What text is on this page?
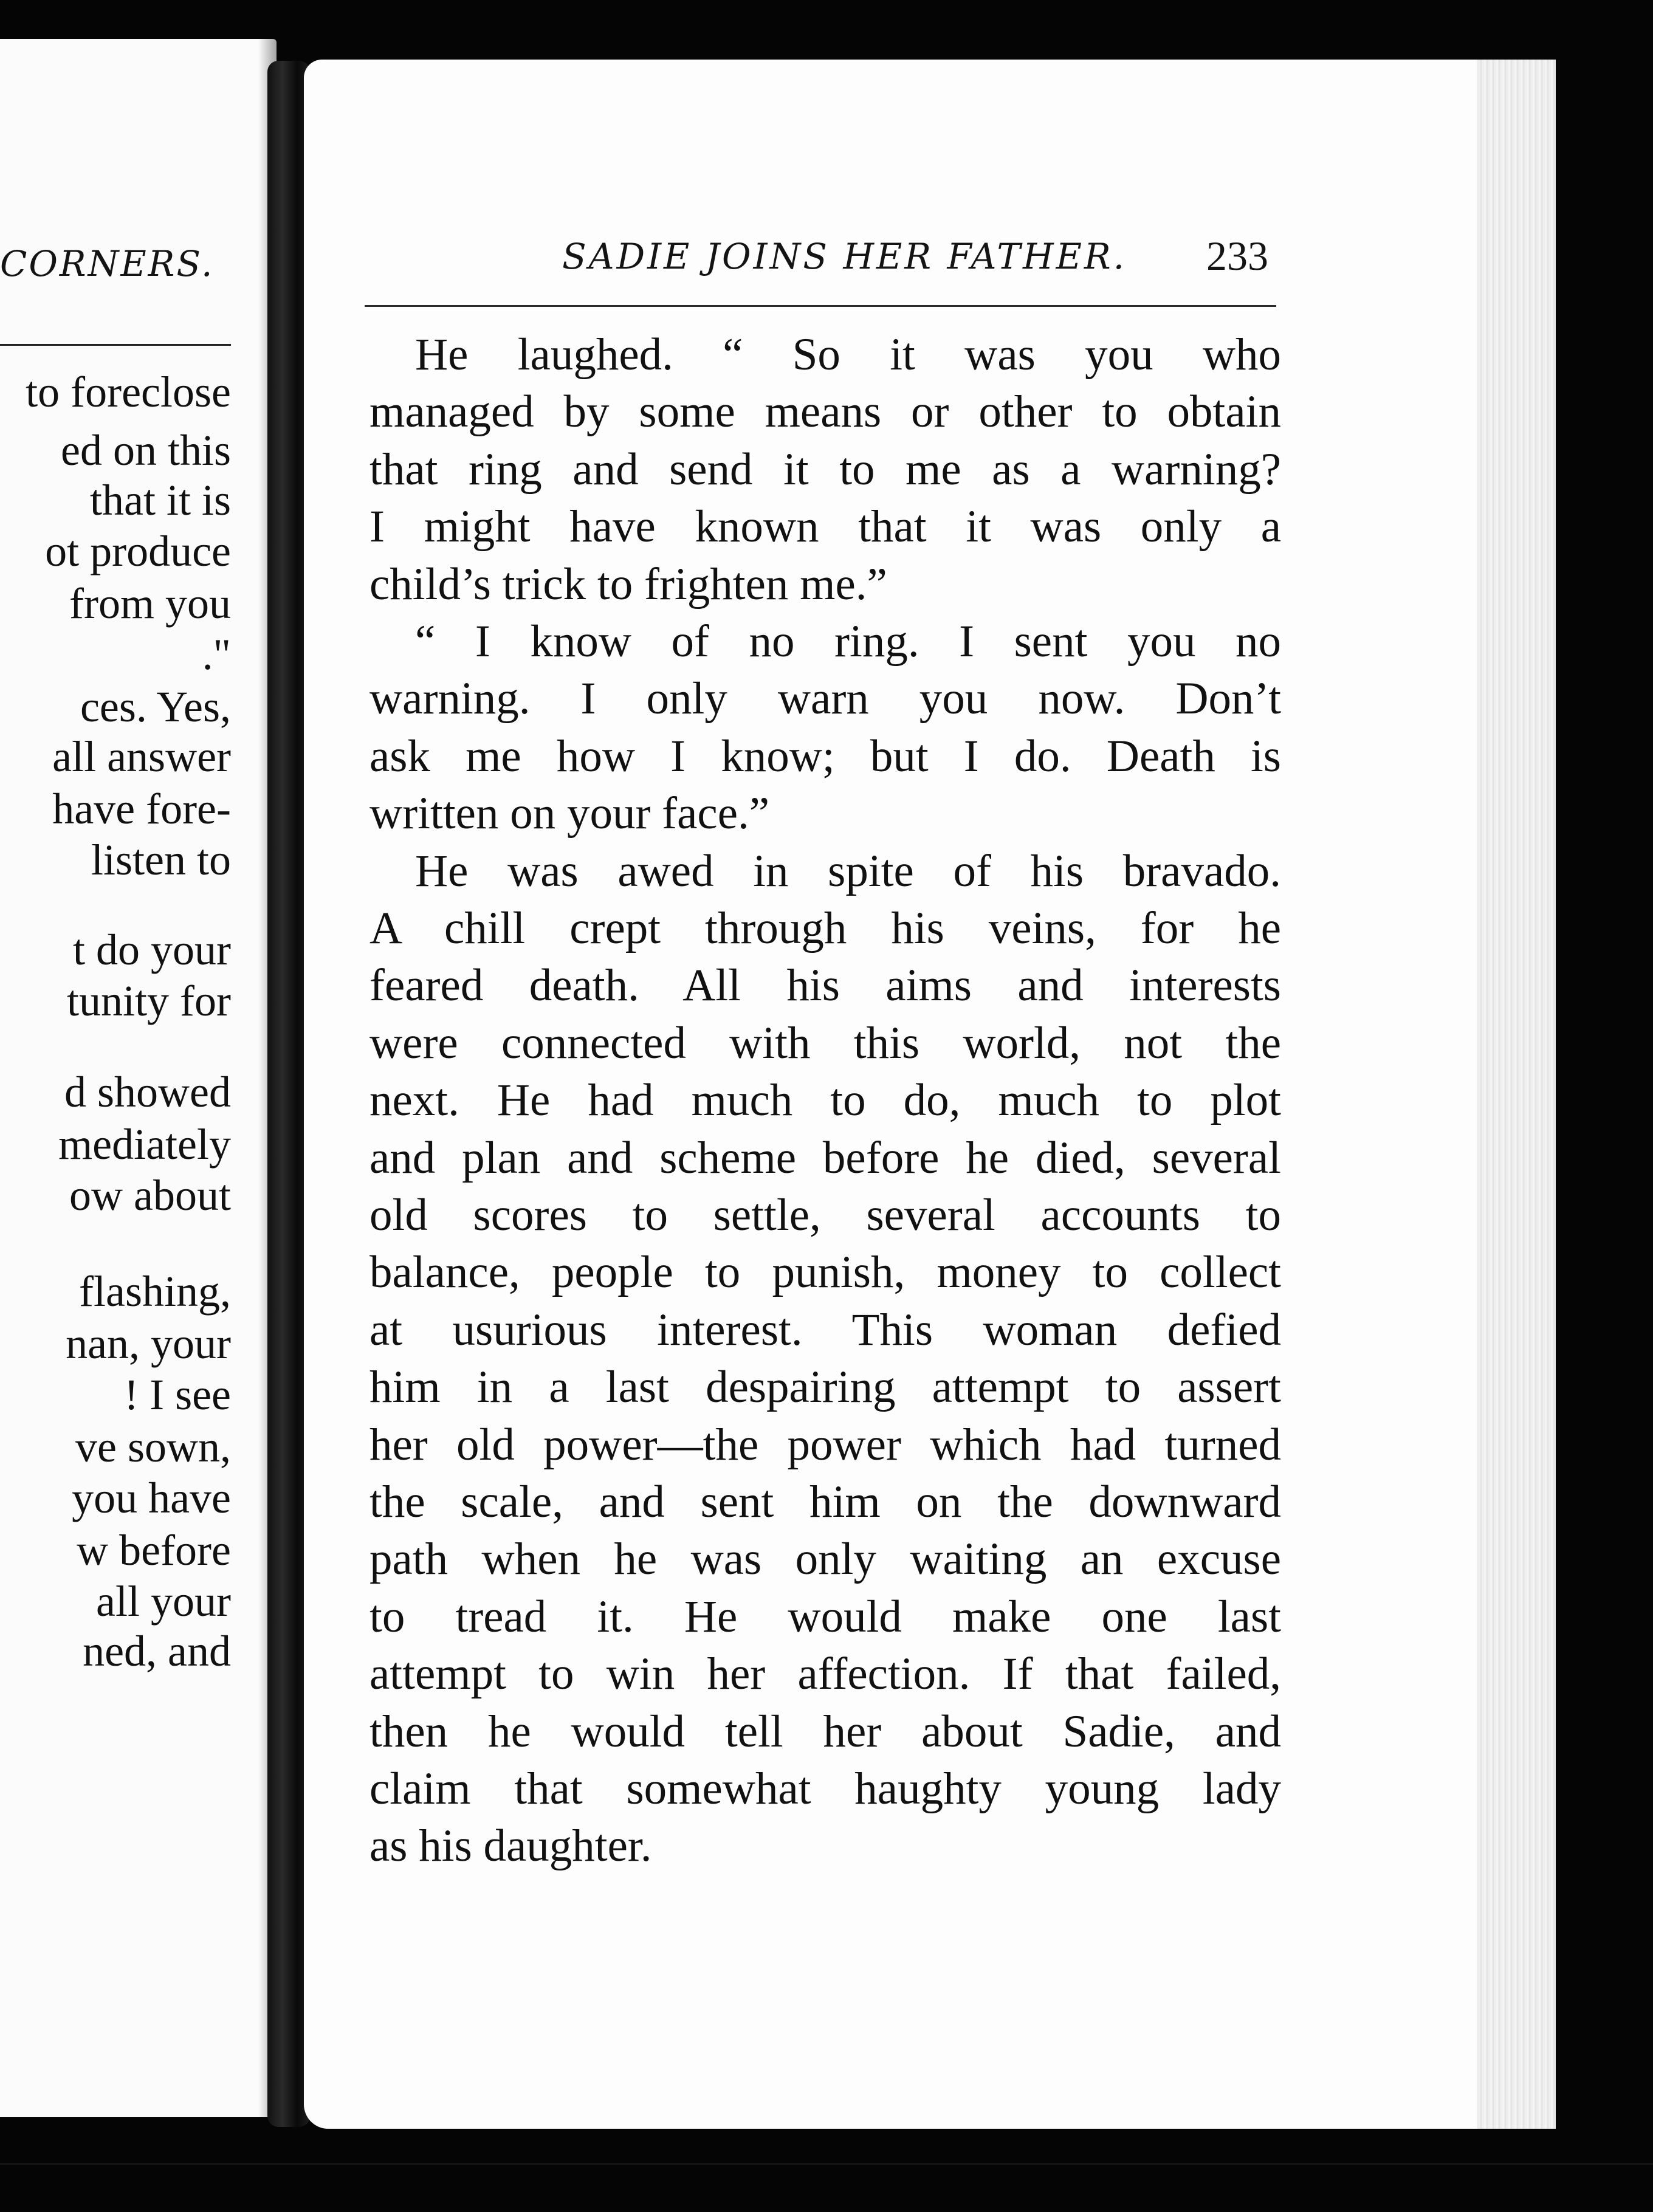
CORNERS.
to foreclose
ed on this
that it is
ot produce
from you
."
ces. Yes,
all answer
have fore-
listen to
t do your
tunity for
d showed
mediately
ow about
flashing,
nan, your
! I see
ve sown,
you have
w before
all your
ned, and
SADIE JOINS HER FATHER. 233
He laughed. “ So it was you who
managed by some means or other to obtain
that ring and send it to me as a warning?
I might have known that it was only a
child’s trick to frighten me.”
“ I know of no ring. I sent you no
warning. I only warn you now. Don’t
ask me how I know; but I do. Death is
written on your face.”
He was awed in spite of his bravado.
A chill crept through his veins, for he
feared death. All his aims and interests
were connected with this world, not the
next. He had much to do, much to plot
and plan and scheme before he died, several
old scores to settle, several accounts to
balance, people to punish, money to collect
at usurious interest. This woman defied
him in a last despairing attempt to assert
her old power—the power which had turned
the scale, and sent him on the downward
path when he was only waiting an excuse
to tread it. He would make one last
attempt to win her affection. If that failed,
then he would tell her about Sadie, and
claim that somewhat haughty young lady
as his daughter.
